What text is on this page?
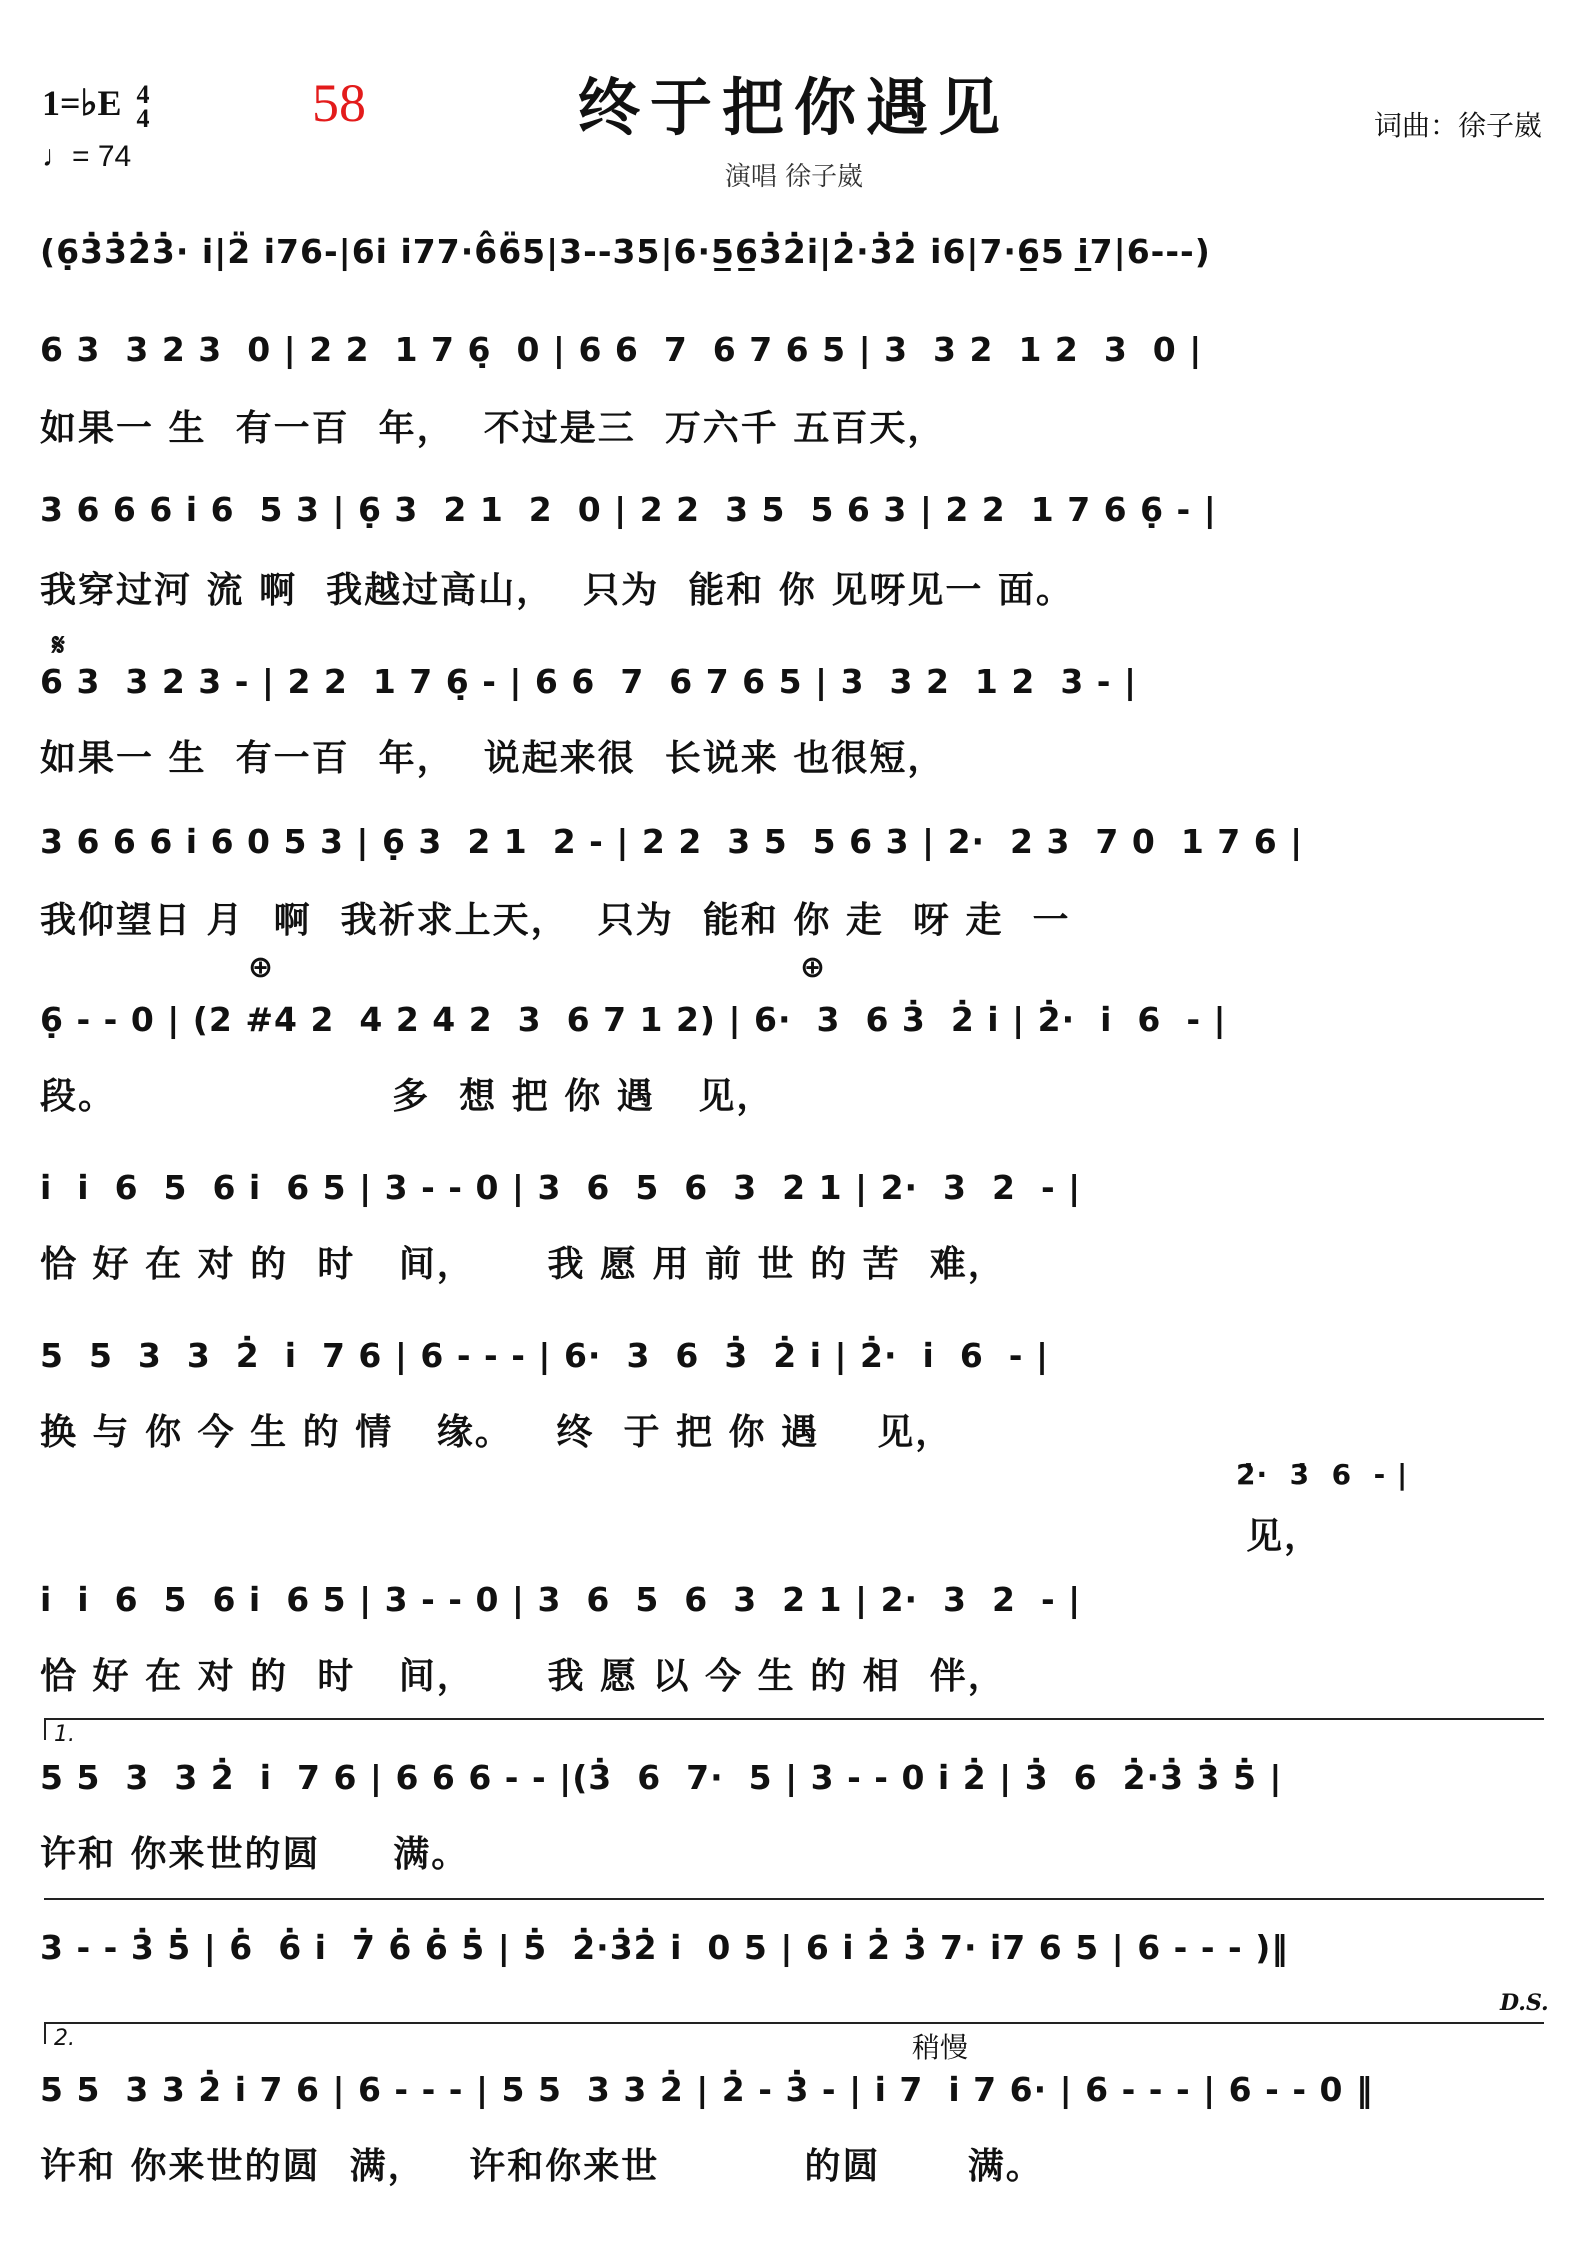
1=♭E 4
4
♩= 74
58	终于把你遇见
演唱 徐子崴
词曲：徐子崴
(6̣3̇3̇2̇3̇· i̇|2̈ i̇76-|6i̇ i̇77·6̂6̈5|3--35|6·5̲6̲3̇2̇i̇|2̇·3̇2̇ i̇6|7·6̲5 i̲7|6---)
6 3  3 2 3  0 | 2 2  1 7 6̣  0 | 6 6  7  6 7 6 5 | 3  3 2  1 2  3  0 |
如果一 生  有一百  年，  不过是三  万六千 五百天，
3 6 6 6 i̇ 6  5 3 | 6̣ 3  2 1  2  0 | 2 2  3 5  5 6 3 | 2 2  1 7 6 6̣ - |
我穿过河 流 啊  我越过高山，  只为  能和 你 见呀见一 面。
𝄋
6 3  3 2 3 - | 2 2  1 7 6̣ - | 6 6  7  6 7 6 5 | 3  3 2  1 2  3 - |
如果一 生  有一百  年，  说起来很  长说来 也很短，
3 6 6 6 i̇ 6 0 5 3 | 6̣ 3  2 1  2 - | 2 2  3 5  5 6 3 | 2·  2 3  7 0  1 7 6 |
我仰望日 月  啊  我祈求上天，  只为  能和 你 走  呀 走  一
⊕	⊕
6̣ - - 0 | (2 #4 2  4 2 4 2  3  6 7 1 2) | 6·  3  6 3̇  2̇ i̇ | 2̇·  i̇  6  - |
段。                   多  想 把 你 遇   见，
i̇  i̇  6  5  6 i̇  6 5 | 3 - - 0 | 3  6  5  6  3  2 1 | 2·  3  2  - |
恰 好 在 对 的  时   间，     我 愿 用 前 世 的 苦  难，
5  5  3  3  2̇  i̇  7 6 | 6 - - - | 6·  3  6  3̇  2̇ i̇ | 2̇·  i̇  6  - |
换 与 你 今 生 的 情   缘。   终  于 把 你 遇    见，
2̇·  3̇  6  - |
见，
i̇  i̇  6  5  6 i̇  6 5 | 3 - - 0 | 3  6  5  6  3  2 1 | 2·  3  2  - |
恰 好 在 对 的  时   间，     我 愿 以 今 生 的 相  伴，
1.
5 5  3  3 2̇  i̇  7 6 | 6 6 6 - - |(3̇  6  7·  5 | 3 - - 0 i̇ 2̇ | 3̇  6  2̇·3̇ 3̇ 5̇ |
许和 你来世的圆     满。
3 - - 3̇ 5̇ | 6̇  6̇ i̇  7̇ 6̇ 6̇ 5̇ | 5̇  2̇·3̇2̇ i̇  0 5 | 6 i̇ 2̇ 3̇ 7· i̇7 6 5 | 6 - - - )‖
D.S.
2.	稍慢
5 5  3 3 2̇ i̇ 7 6 | 6 - - - | 5 5  3 3 2̇ | 2̇ - 3̇ - | i̇ 7  i̇ 7 6· | 6 - - - | 6 - - 0 ‖
许和 你来世的圆  满，   许和你来世          的圆      满。
